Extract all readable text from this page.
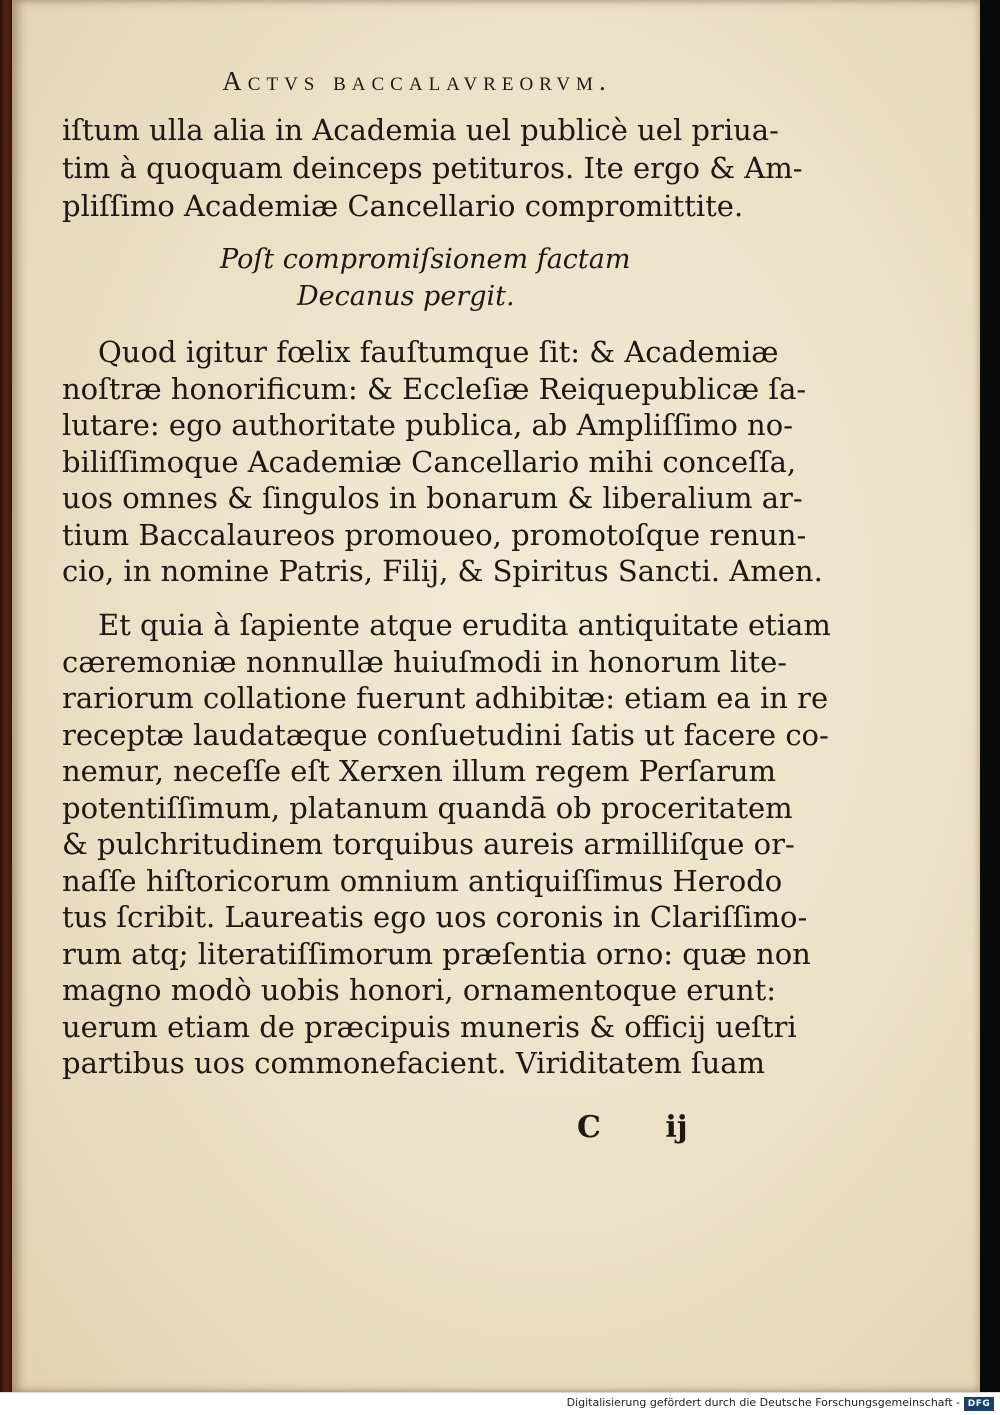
Actvs baccalavreorvm.
iſtum ulla alia in Academia uel publicè uel priua-
tim à quoquam deinceps petituros. Ite ergo & Am-
pliſſimo Academiæ Cancellario compromittite.
Poſt compromiſsionem factam
Decanus pergit.
Quod igitur fœlix fauſtumque ſit: & Academiæ
noſtræ honorificum: & Eccleſiæ Reiquepublicæ ſa-
lutare: ego authoritate publica, ab Ampliſſimo no-
biliſſimoque Academiæ Cancellario mihi conceſſa,
uos omnes & ſingulos in bonarum & liberalium ar-
tium Baccalaureos promoueo, promotoſque renun-
cio, in nomine Patris, Filij, & Spiritus Sancti. Amen.
Et quia à ſapiente atque erudita antiquitate etiam
cæremoniæ nonnullæ huiuſmodi in honorum lite-
rariorum collatione fuerunt adhibitæ: etiam ea in re
receptæ laudatæque conſuetudini ſatis ut facere co-
nemur, neceſſe eſt Xerxen illum regem Perſarum
potentiſſimum, platanum quandā ob proceritatem
& pulchritudinem torquibus aureis armilliſque or-
naſſe hiſtoricorum omnium antiquiſſimus Herodo
tus ſcribit. Laureatis ego uos coronis in Clariſſimo-
rum atq; literatiſſimorum præſentia orno: quæ non
magno modò uobis honori, ornamentoque erunt:
uerum etiam de præcipuis muneris & officij ueſtri
partibus uos commonefacient. Viriditatem ſuam
C ij
Digitalisierung gefördert durch die Deutsche Forschungsgemeinschaft - DFG
